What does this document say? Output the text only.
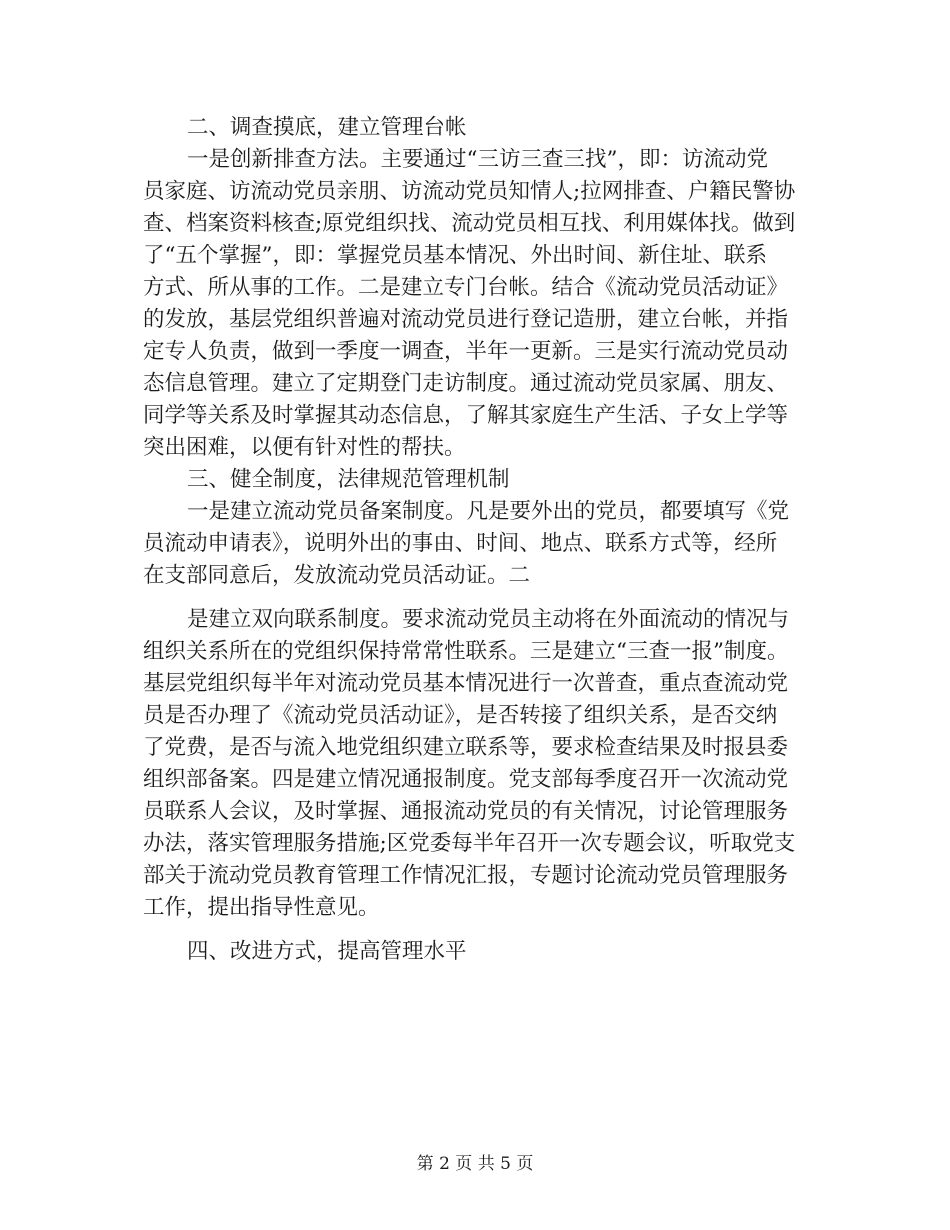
二、调查摸底，建立管理台帐
一是创新排查方法。主要通过“三访三查三找”，即：访流动党
员家庭、访流动党员亲朋、访流动党员知情人;拉网排查、户籍民警协
查、档案资料核查;原党组织找、流动党员相互找、利用媒体找。做到
了“五个掌握”，即：掌握党员基本情况、外出时间、新住址、联系
方式、所从事的工作。二是建立专门台帐。结合《流动党员活动证》
的发放，基层党组织普遍对流动党员进行登记造册，建立台帐，并指
定专人负责，做到一季度一调查，半年一更新。三是实行流动党员动
态信息管理。建立了定期登门走访制度。通过流动党员家属、朋友、
同学等关系及时掌握其动态信息，了解其家庭生产生活、子女上学等
突出困难，以便有针对性的帮扶。
三、健全制度，法律规范管理机制
一是建立流动党员备案制度。凡是要外出的党员，都要填写《党
员流动申请表》，说明外出的事由、时间、地点、联系方式等，经所
在支部同意后，发放流动党员活动证。二
是建立双向联系制度。要求流动党员主动将在外面流动的情况与
组织关系所在的党组织保持常常性联系。三是建立“三查一报”制度。
基层党组织每半年对流动党员基本情况进行一次普查，重点查流动党
员是否办理了《流动党员活动证》，是否转接了组织关系，是否交纳
了党费，是否与流入地党组织建立联系等，要求检查结果及时报县委
组织部备案。四是建立情况通报制度。党支部每季度召开一次流动党
员联系人会议，及时掌握、通报流动党员的有关情况，讨论管理服务
办法，落实管理服务措施;区党委每半年召开一次专题会议，听取党支
部关于流动党员教育管理工作情况汇报，专题讨论流动党员管理服务
工作，提出指导性意见。
四、改进方式，提高管理水平
第 2 页 共 5 页
